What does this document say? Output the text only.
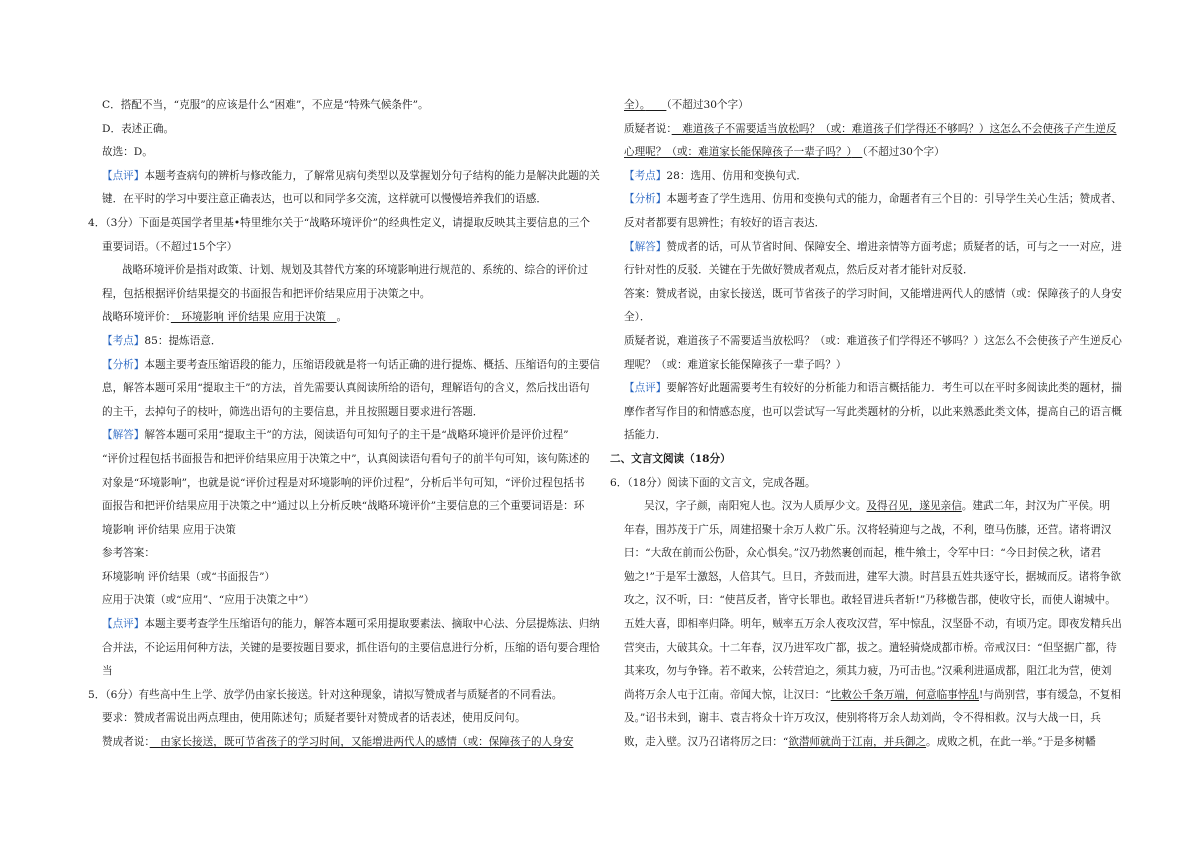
C．搭配不当，“克服”的应该是什么“困难”，不应是“特殊气候条件”。
D．表述正确。
故选：D。
【点评】本题考查病句的辨析与修改能力，了解常见病句类型以及掌握划分句子结构的能力是解决此题的关
键．在平时的学习中要注意正确表达，也可以和同学多交流，这样就可以慢慢培养我们的语感．
4．（3分）下面是英国学者里基•特里维尔关于“战略环境评价”的经典性定义，请提取反映其主要信息的三个
重要词语。（不超过15个字）
战略环境评价是指对政策、计划、规划及其替代方案的环境影响进行规范的、系统的、综合的评价过
程，包括根据评价结果提交的书面报告和把评价结果应用于决策之中。
战略环境评价：　环境影响 评价结果 应用于决策　。
【考点】85：提炼语意．
【分析】本题主要考查压缩语段的能力，压缩语段就是将一句话正确的进行提炼、概括、压缩语句的主要信
息，解答本题可采用“提取主干”的方法，首先需要认真阅读所给的语句，理解语句的含义，然后找出语句
的主干，去掉句子的枝叶，筛选出语句的主要信息，并且按照题目要求进行答题．
【解答】解答本题可采用“提取主干”的方法，阅读语句可知句子的主干是“战略环境评价是评价过程”
“评价过程包括书面报告和把评价结果应用于决策之中”，认真阅读语句看句子的前半句可知，该句陈述的
对象是“环境影响”，也就是说“评价过程是对环境影响的评价过程”，分析后半句可知，“评价过程包括书
面报告和把评价结果应用于决策之中”通过以上分析反映“战略环境评价”主要信息的三个重要词语是：环
境影响 评价结果 应用于决策
参考答案：
环境影响 评价结果（或“书面报告”）
应用于决策（或“应用”、“应用于决策之中”）
【点评】本题主要考查学生压缩语句的能力，解答本题可采用提取要素法、摘取中心法、分层提炼法、归纳
合并法，不论运用何种方法，关键的是要按题目要求，抓住语句的主要信息进行分析，压缩的语句要合理恰
当
5．（6分）有些高中生上学、放学仍由家长接送。针对这种现象，请拟写赞成者与质疑者的不同看法。
要求：赞成者需说出两点理由，使用陈述句；质疑者要针对赞成者的话表述，使用反问句。
赞成者说：　由家长接送，既可节省孩子的学习时间，又能增进两代人的感情（或：保障孩子的人身安
全）。　　 （不超过30个字）
质疑者说：　难道孩子不需要适当放松吗？（或：难道孩子们学得还不够吗？）这怎么不会使孩子产生逆反
心理呢？（或：难道家长能保障孩子一辈子吗？）　 （不超过30个字）
【考点】28：选用、仿用和变换句式．
【分析】本题考查了学生选用、仿用和变换句式的能力，命题者有三个目的：引导学生关心生活；赞成者、
反对者都要有思辨性；有较好的语言表达．
【解答】赞成者的话，可从节省时间、保障安全、增进亲情等方面考虑；质疑者的话，可与之一一对应，进
行针对性的反驳．关键在于先做好赞成者观点，然后反对者才能针对反驳．
答案：赞成者说，由家长接送，既可节省孩子的学习时间，又能增进两代人的感情（或：保障孩子的人身安
全）．
质疑者说，难道孩子不需要适当放松吗？（或：难道孩子们学得还不够吗？）这怎么不会使孩子产生逆反心
理呢？（或：难道家长能保障孩子一辈子吗？）
【点评】要解答好此题需要考生有较好的分析能力和语言概括能力．考生可以在平时多阅读此类的题材，揣
摩作者写作目的和情感态度，也可以尝试写一写此类题材的分析，以此来熟悉此类文体，提高自己的语言概
括能力．
二、文言文阅读（18分）
6．（18分）阅读下面的文言文，完成各题。
吴汉，字子颜，南阳宛人也。汉为人质厚少文。及得召见，遂见亲信。建武二年，封汉为广平侯。明
年春，围苏茂于广乐，周建招聚十余万人救广乐。汉将轻骑迎与之战，不利，堕马伤膝，还营。诸将谓汉
曰：“大敌在前而公伤卧，众心惧矣。”汉乃勃然裹创而起，椎牛飨士，令军中曰：“今日封侯之秋，诸君
勉之!”于是军士激怒，人倍其气。旦日，齐鼓而进，建军大溃。时莒县五姓共逐守长，据城而反。诸将争欲
攻之，汉不听，曰：“使莒反者，皆守长罪也。敢轻冒进兵者斩!”乃移檄告郡，使收守长，而使人谢城中。
五姓大喜，即相率归降。明年，贼率五万余人夜攻汉营，军中惊乱，汉坚卧不动，有顷乃定。即夜发精兵出
营突击，大破其众。十二年春，汉乃进军攻广都，拔之。遣轻骑烧成都市桥。帝戒汉曰：“但坚据广都，待
其来攻，勿与争锋。若不敢来，公转营迫之，须其力疲，乃可击也。”汉乘利进逼成都，阻江北为营，使刘
尚将万余人屯于江南。帝闻大惊，让汉曰：“比敕公千条万端，何意临事悖乱!与尚别营，事有缓急，不复相
及。”诏书未到，谢丰、袁吉将众十许万攻汉，使别将将万余人劫刘尚，令不得相救。汉与大战一日，兵
败，走入壁。汉乃召诸将厉之曰：“欲潜师就尚于江南，并兵御之。成败之机，在此一举。”于是多树幡
